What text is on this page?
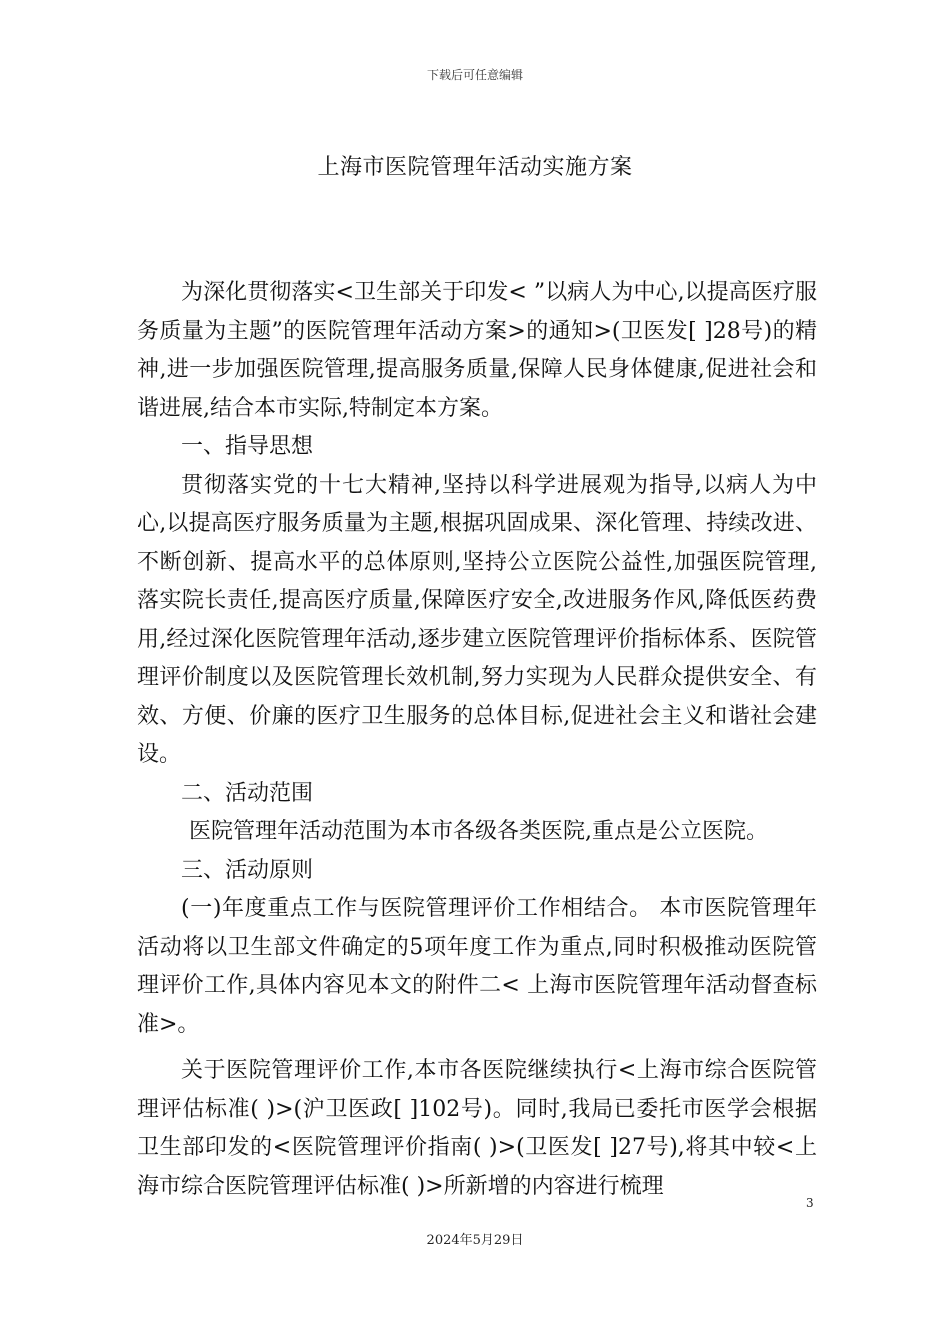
下载后可任意编辑
上海市医院管理年活动实施方案

为深化贯彻落实<卫生部关于印发< ”以病人为中心,以提高医疗服务质量为主题”的医院管理年活动方案>的通知>(卫医发[ ]28号)的精神,进一步加强医院管理,提高服务质量,保障人民身体健康,促进社会和谐进展,结合本市实际,特制定本方案。

一、指导思想

贯彻落实党的十七大精神,坚持以科学进展观为指导,以病人为中心,以提高医疗服务质量为主题,根据巩固成果、深化管理、持续改进、不断创新、提高水平的总体原则,坚持公立医院公益性,加强医院管理,落实院长责任,提高医疗质量,保障医疗安全,改进服务作风,降低医药费用,经过深化医院管理年活动,逐步建立医院管理评价指标体系、医院管理评价制度以及医院管理长效机制,努力实现为人民群众提供安全、有效、方便、价廉的医疗卫生服务的总体目标,促进社会主义和谐社会建设。

二、活动范围

医院管理年活动范围为本市各级各类医院,重点是公立医院。

三、活动原则

(一)年度重点工作与医院管理评价工作相结合。 本市医院管理年活动将以卫生部文件确定的5项年度工作为重点,同时积极推动医院管理评价工作,具体内容见本文的附件二< 上海市医院管理年活动督查标准>。

关于医院管理评价工作,本市各医院继续执行<上海市综合医院管理评估标准( )>(沪卫医政[ ]102号)。同时,我局已委托市医学会根据卫生部印发的<医院管理评价指南( )>(卫医发[ ]27号),将其中较<上海市综合医院管理评估标准( )>所新增的内容进行梳理

3
2024年5月29日
